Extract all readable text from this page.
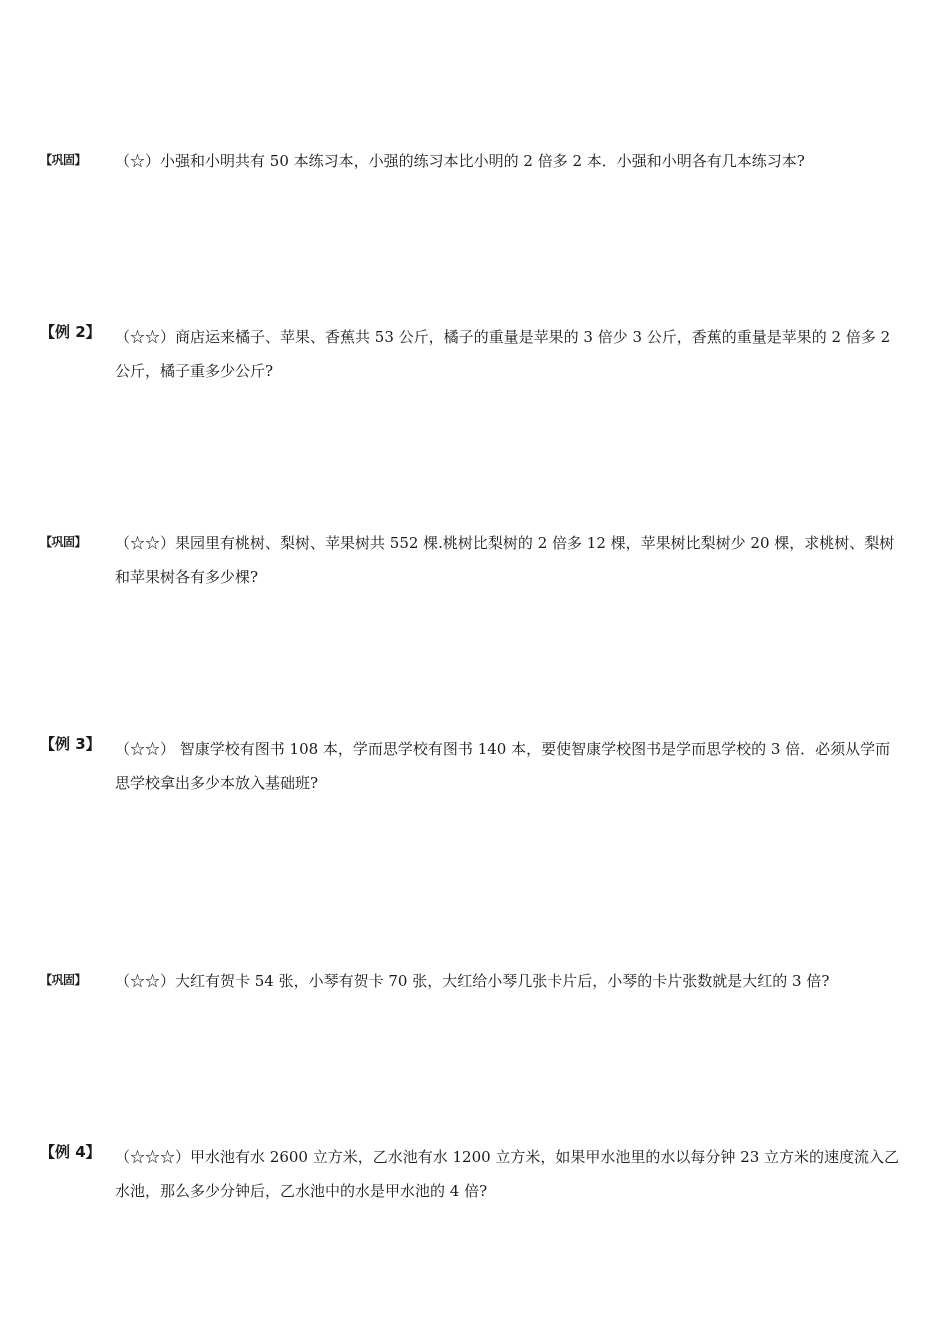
【巩固】 （☆）小强和小明共有 50 本练习本，小强的练习本比小明的 2 倍多 2 本．小强和小明各有几本练习本?
【例 2】 （☆☆）商店运来橘子、苹果、香蕉共 53 公斤，橘子的重量是苹果的 3 倍少 3 公斤，香蕉的重量是苹果的 2 倍多 2 公斤，橘子重多少公斤?
【巩固】 （☆☆）果园里有桃树、梨树、苹果树共 552 棵.桃树比梨树的 2 倍多 12 棵，苹果树比梨树少 20 棵，求桃树、梨树和苹果树各有多少棵?
【例 3】 （☆☆） 智康学校有图书 108 本，学而思学校有图书 140 本，要使智康学校图书是学而思学校的 3 倍．必须从学而思学校拿出多少本放入基础班?
【巩固】 （☆☆）大红有贺卡 54 张，小琴有贺卡 70 张，大红给小琴几张卡片后，小琴的卡片张数就是大红的 3 倍?
【例 4】 （☆☆☆）甲水池有水 2600 立方米，乙水池有水 1200 立方米，如果甲水池里的水以每分钟 23 立方米的速度流入乙水池，那么多少分钟后，乙水池中的水是甲水池的 4 倍?
